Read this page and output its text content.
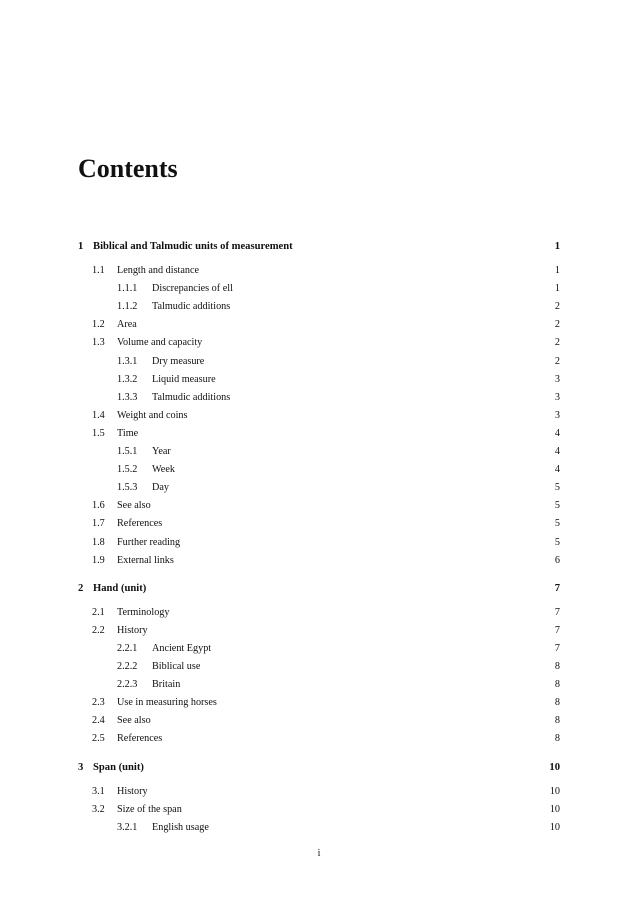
Contents
1 Biblical and Talmudic units of measurement	1
1.1 Length and distance	1
1.1.1 Discrepancies of ell	1
1.1.2 Talmudic additions	2
1.2 Area	2
1.3 Volume and capacity	2
1.3.1 Dry measure	2
1.3.2 Liquid measure	3
1.3.3 Talmudic additions	3
1.4 Weight and coins	3
1.5 Time	4
1.5.1 Year	4
1.5.2 Week	4
1.5.3 Day	5
1.6 See also	5
1.7 References	5
1.8 Further reading	5
1.9 External links	6
2 Hand (unit)	7
2.1 Terminology	7
2.2 History	7
2.2.1 Ancient Egypt	7
2.2.2 Biblical use	8
2.2.3 Britain	8
2.3 Use in measuring horses	8
2.4 See also	8
2.5 References	8
3 Span (unit)	10
3.1 History	10
3.2 Size of the span	10
3.2.1 English usage	10
i
